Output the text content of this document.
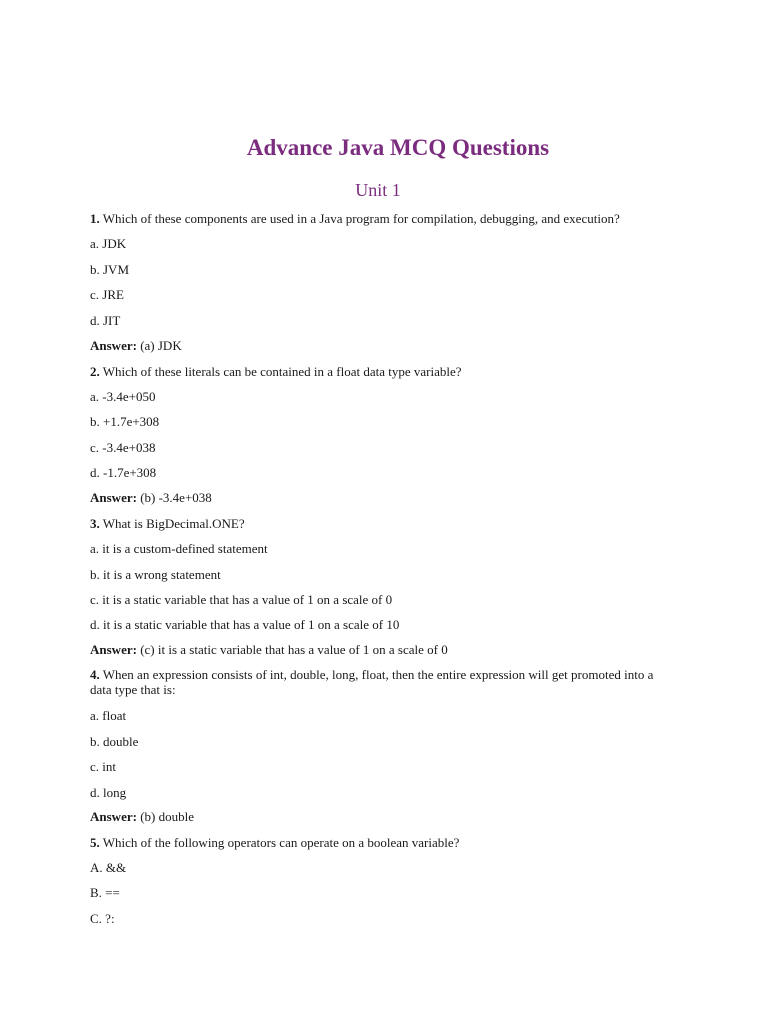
Advance Java MCQ Questions
Unit 1
1. Which of these components are used in a Java program for compilation, debugging, and execution?
a. JDK
b. JVM
c. JRE
d. JIT
Answer: (a) JDK
2. Which of these literals can be contained in a float data type variable?
a. -3.4e+050
b. +1.7e+308
c. -3.4e+038
d. -1.7e+308
Answer: (b) -3.4e+038
3. What is BigDecimal.ONE?
a. it is a custom-defined statement
b. it is a wrong statement
c. it is a static variable that has a value of 1 on a scale of 0
d. it is a static variable that has a value of 1 on a scale of 10
Answer: (c) it is a static variable that has a value of 1 on a scale of 0
4. When an expression consists of int, double, long, float, then the entire expression will get promoted into a data type that is:
a. float
b. double
c. int
d. long
Answer: (b) double
5. Which of the following operators can operate on a boolean variable?
A. &&
B. ==
C. ?:
